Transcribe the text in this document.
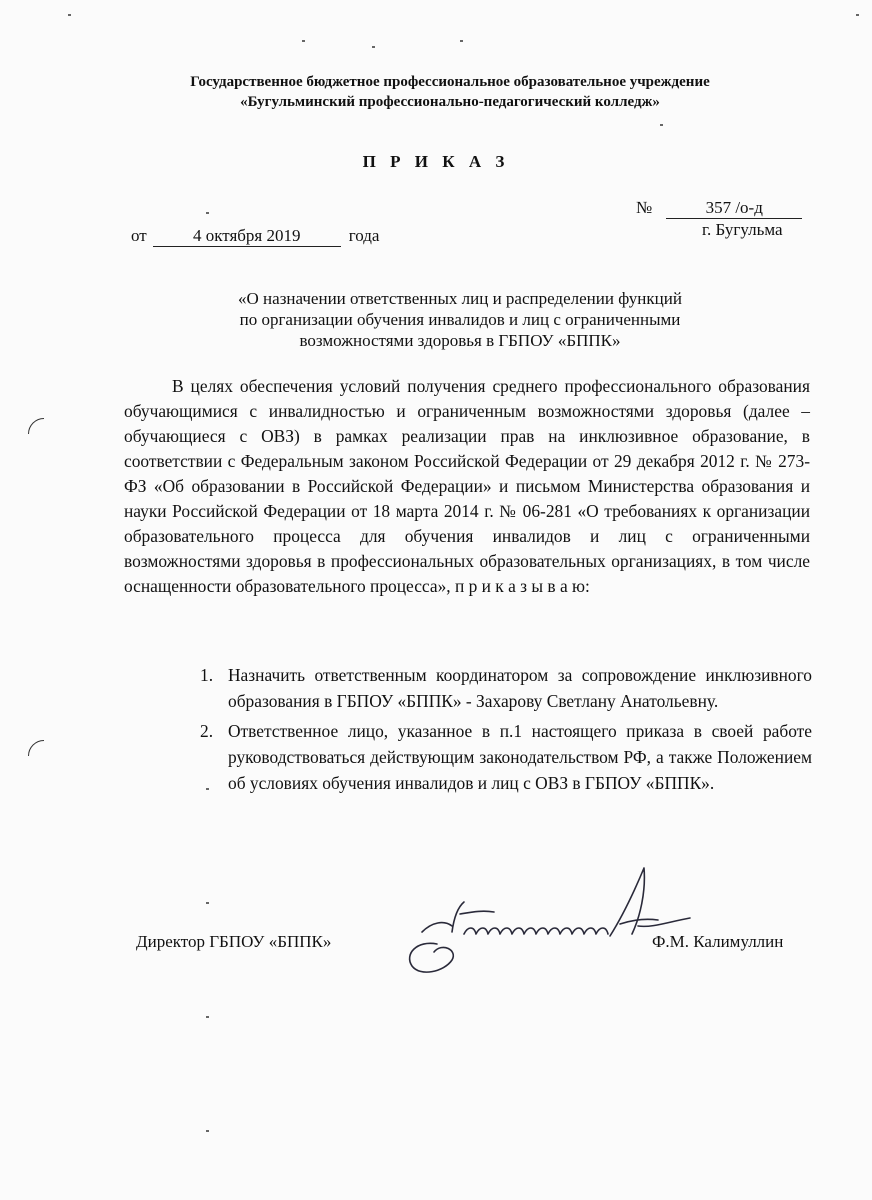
Государственное бюджетное профессиональное образовательное учреждение
«Бугульминский профессионально-педагогический колледж»
П Р И К А З
№	357 /о-д
г. Бугульма
от	4 октября 2019	года
«О назначении ответственных лиц и распределении функций
по организации обучения инвалидов и лиц с ограниченными
возможностями здоровья в ГБПОУ «БППК»

В целях обеспечения условий получения среднего профессионального образования обучающимися с инвалидностью и ограниченным возможностями здоровья (далее – обучающиеся с ОВЗ) в рамках реализации прав на инклюзивное образование, в соответствии с Федеральным законом Российской Федерации от 29 декабря 2012 г. № 273-ФЗ «Об образовании в Российской Федерации» и письмом Министерства образования и науки Российской Федерации от 18 марта 2014 г. № 06-281 «О требованиях к организации образовательного процесса для обучения инвалидов и лиц с ограниченными возможностями здоровья в профессиональных образовательных организациях, в том числе оснащенности образовательного процесса», п р и к а з ы в а ю:

1. Назначить ответственным координатором за сопровождение инклюзивного образования в ГБПОУ «БППК» - Захарову Светлану Анатольевну.
2. Ответственное лицо, указанное в п.1 настоящего приказа в своей работе руководствоваться действующим законодательством РФ, а также Положением об условиях обучения инвалидов и лиц с ОВЗ в ГБПОУ «БППК».
Директор ГБПОУ «БППК»	Ф.М. Калимуллин
